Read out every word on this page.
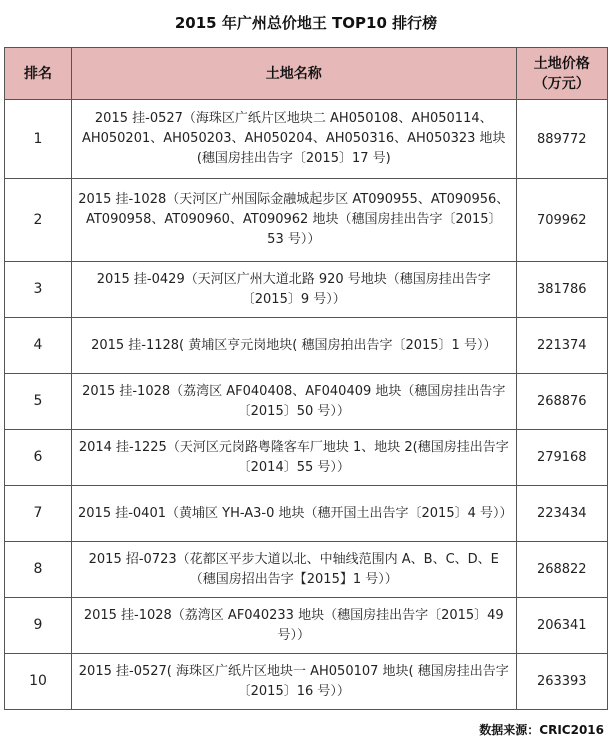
2015 年广州总价地王 TOP10 排行榜
排名	土地名称	土地价格
（万元）

1	2015 挂-0527（海珠区广纸片区地块二 AH050108、AH050114、AH050201、AH050203、AH050204、AH050316、AH050323 地块(穗国房挂出告字〔2015〕17 号)	889772
2	2015 挂-1028（天河区广州国际金融城起步区 AT090955、AT090956、AT090958、AT090960、AT090962 地块（穗国房挂出告字〔2015〕53 号））	709962
3	2015 挂-0429（天河区广州大道北路 920 号地块（穗国房挂出告字〔2015〕9 号））	381786
4	2015 挂-1128( 黄埔区亨元岗地块( 穗国房拍出告字〔2015〕1 号））	221374
5	2015 挂-1028（荔湾区 AF040408、AF040409 地块（穗国房挂出告字〔2015〕50 号））	268876
6	2014 挂-1225（天河区元岗路粤隆客车厂地块 1、地块 2(穗国房挂出告字〔2014〕55 号））	279168
7	2015 挂-0401（黄埔区 YH-A3-0 地块（穗开国土出告字〔2015〕4 号））	223434
8	2015 招-0723（花都区平步大道以北、中轴线范围内 A、B、C、D、E（穗国房招出告字【2015】1 号））	268822
9	2015 挂-1028（荔湾区 AF040233 地块（穗国房挂出告字〔2015〕49 号））	206341
10	2015 挂-0527( 海珠区广纸片区地块一 AH050107 地块( 穗国房挂出告字〔2015〕16 号））	263393
数据来源：CRIC2016
